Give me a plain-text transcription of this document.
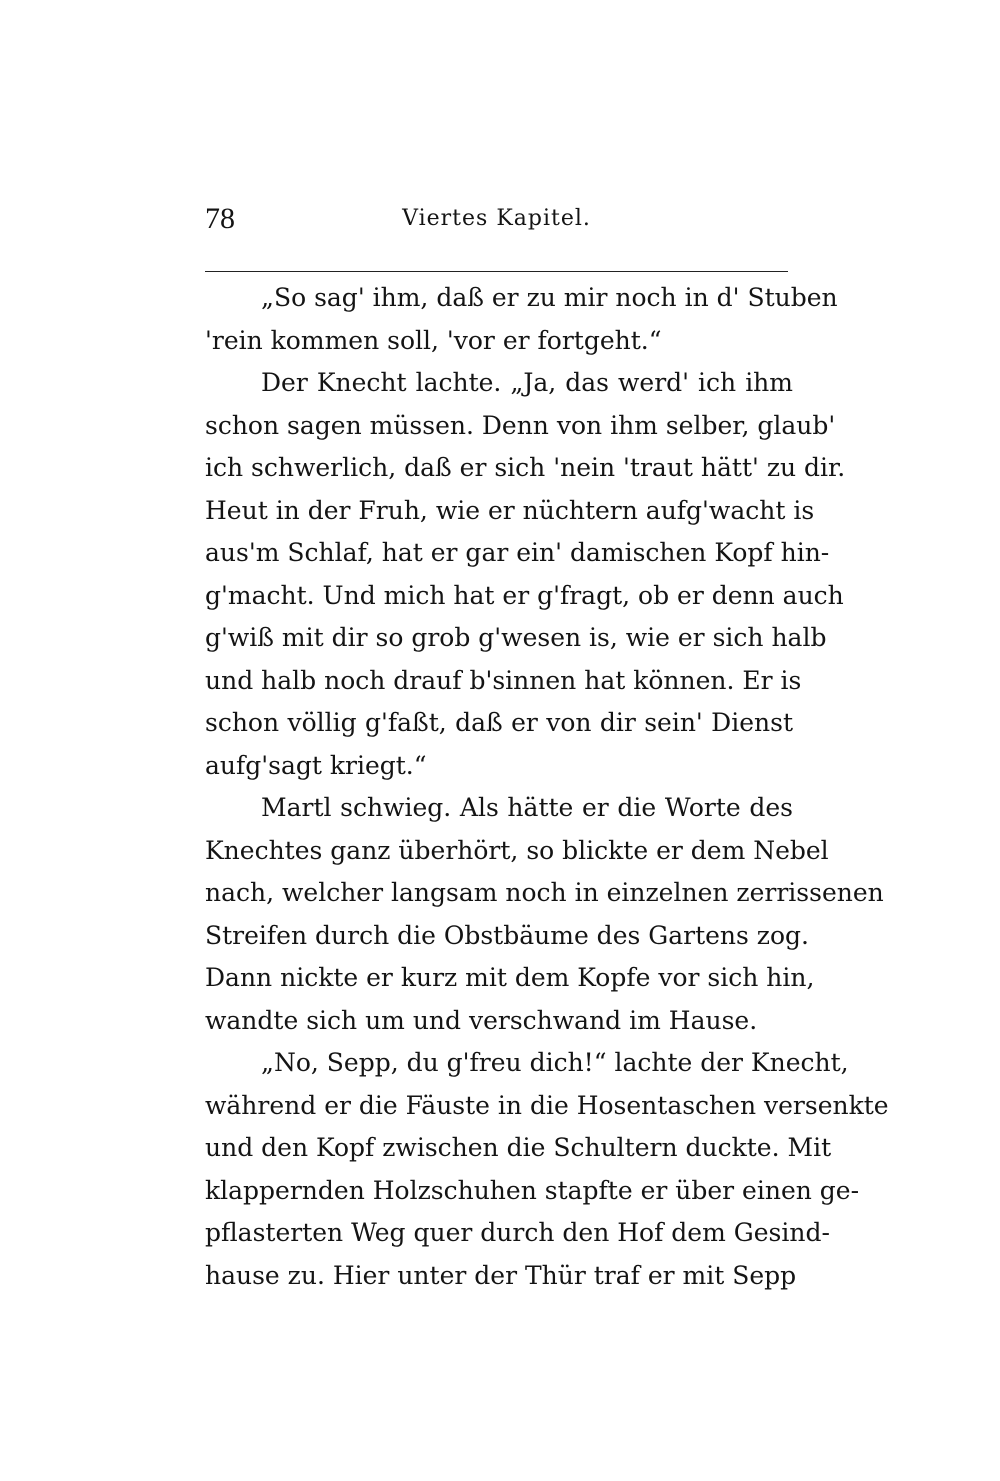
78	Viertes Kapitel.
„So sag' ihm, daß er zu mir noch in d' Stuben
'rein kommen soll, 'vor er fortgeht.“
Der Knecht lachte. „Ja, das werd' ich ihm
schon sagen müssen. Denn von ihm selber, glaub'
ich schwerlich, daß er sich 'nein 'traut hätt' zu dir.
Heut in der Fruh, wie er nüchtern aufg'wacht is
aus'm Schlaf, hat er gar ein' damischen Kopf hin-
g'macht. Und mich hat er g'fragt, ob er denn auch
g'wiß mit dir so grob g'wesen is, wie er sich halb
und halb noch drauf b'sinnen hat können. Er is
schon völlig g'faßt, daß er von dir sein' Dienst
aufg'sagt kriegt.“
Martl schwieg. Als hätte er die Worte des
Knechtes ganz überhört, so blickte er dem Nebel
nach, welcher langsam noch in einzelnen zerrissenen
Streifen durch die Obstbäume des Gartens zog.
Dann nickte er kurz mit dem Kopfe vor sich hin,
wandte sich um und verschwand im Hause.
„No, Sepp, du g'freu dich!“ lachte der Knecht,
während er die Fäuste in die Hosentaschen versenkte
und den Kopf zwischen die Schultern duckte. Mit
klappernden Holzschuhen stapfte er über einen ge-
pflasterten Weg quer durch den Hof dem Gesind-
hause zu. Hier unter der Thür traf er mit Sepp
